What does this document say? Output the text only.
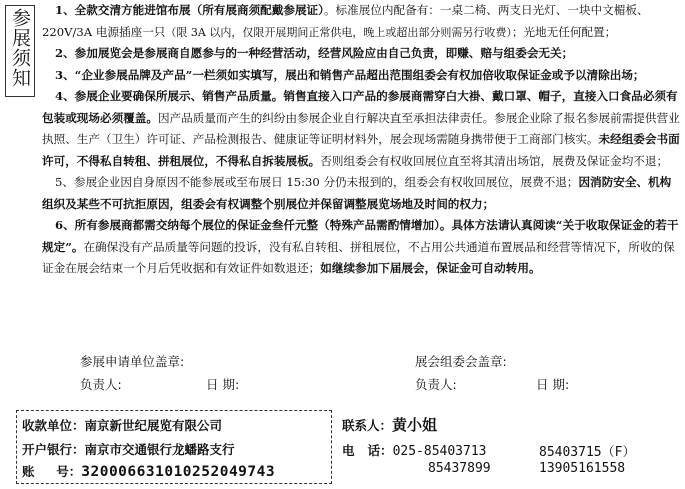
参展须知	1、全款交清方能进馆布展（所有展商须配戴参展证）。标准展位内配备有：一桌二椅、两支日光灯、一块中文楣板、220V/3A 电源插座一只（限 3A 以内，仅限开展期间正常供电，晚上或超出部分则需另行收费）；光地无任何配置；

2、参加展览会是参展商自愿参与的一种经营活动，经营风险应由自己负责，即赚、赔与组委会无关；

3、“企业参展品牌及产品”一栏须如实填写，展出和销售产品超出范围组委会有权加倍收取保证金或予以清除出场；

4、参展企业要确保所展示、销售产品质量。销售直接入口产品的参展商需穿白大褂、戴口罩、帽子，直接入口食品必须有包装或现场必须覆盖。因产品质量而产生的纠纷由参展企业自行解决直至承担法律责任。参展企业除了报名参展前需提供营业执照、生产（卫生）许可证、产品检测报告、健康证等证明材料外，展会现场需随身携带便于工商部门核实。未经组委会书面许可，不得私自转租、拼租展位，不得私自拆装展板。否则组委会有权收回展位直至将其清出场馆，展费及保证金均不退；

5、参展企业因自身原因不能参展或至布展日 15:30 分仍未报到的，组委会有权收回展位，展费不退；因消防安全、机构组织及某些不可抗拒原因，组委会有权调整个别展位并保留调整展览场地及时间的权力；

6、所有参展商都需交纳每个展位的保证金叁仟元整（特殊产品需酌情增加）。具体方法请认真阅读“关于收取保证金的若干规定”。在确保没有产品质量等问题的投诉，没有私自转租、拼租展位，不占用公共通道布置展品和经营等情况下，所收的保证金在展会结束一个月后凭收据和有效证件如数退还；如继续参加下届展会，保证金可自动转用。

参展申请单位盖章:	展会组委会盖章:
负责人:	日 期:	负责人:	日 期:
收款单位：南京新世纪展览有限公司
开户银行：南京市交通银行龙蟠路支行
账     号：320006631010252049743
联系人：黄小姐
电   话：025-85403713	85403715（F）
85437899	13905161558
